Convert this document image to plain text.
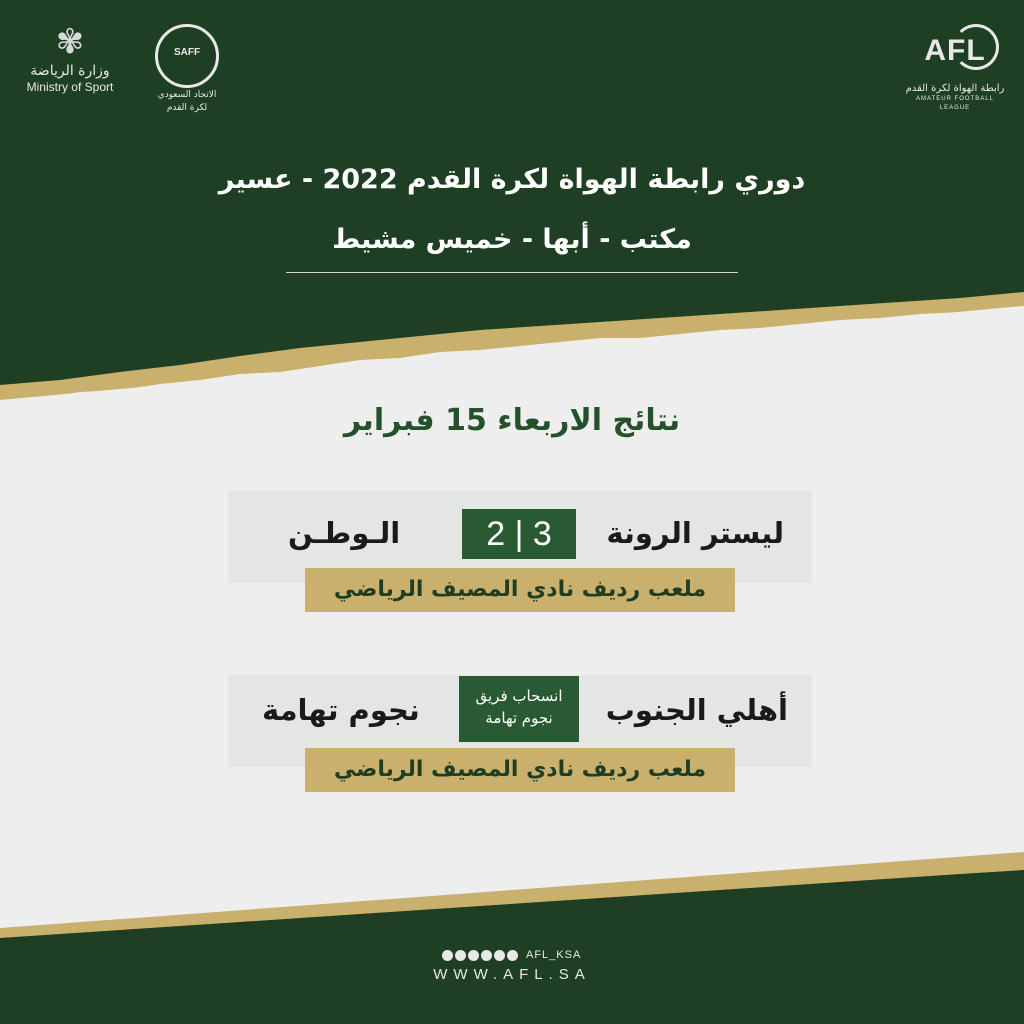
✾
وزارة الرياضة
Ministry of Sport
SAFF
الاتحاد السعودي
لكرة القدم
AFL
رابطة الهواة لكرة القدم
AMATEUR FOOTBALL LEAGUE
دوري رابطة الهواة لكرة القدم 2022 - عسير
مكتب - أبها - خميس مشيط
نتائج الاربعاء 15 فبراير
ليستر الرونة
3 | 2
الـوطـن
ملعب رديف نادي المصيف الرياضي
أهلي الجنوب
انسحاب فريق
نجوم تهامة
نجوم تهامة
ملعب رديف نادي المصيف الرياضي
AFL_KSA
WWW.AFL.SA
